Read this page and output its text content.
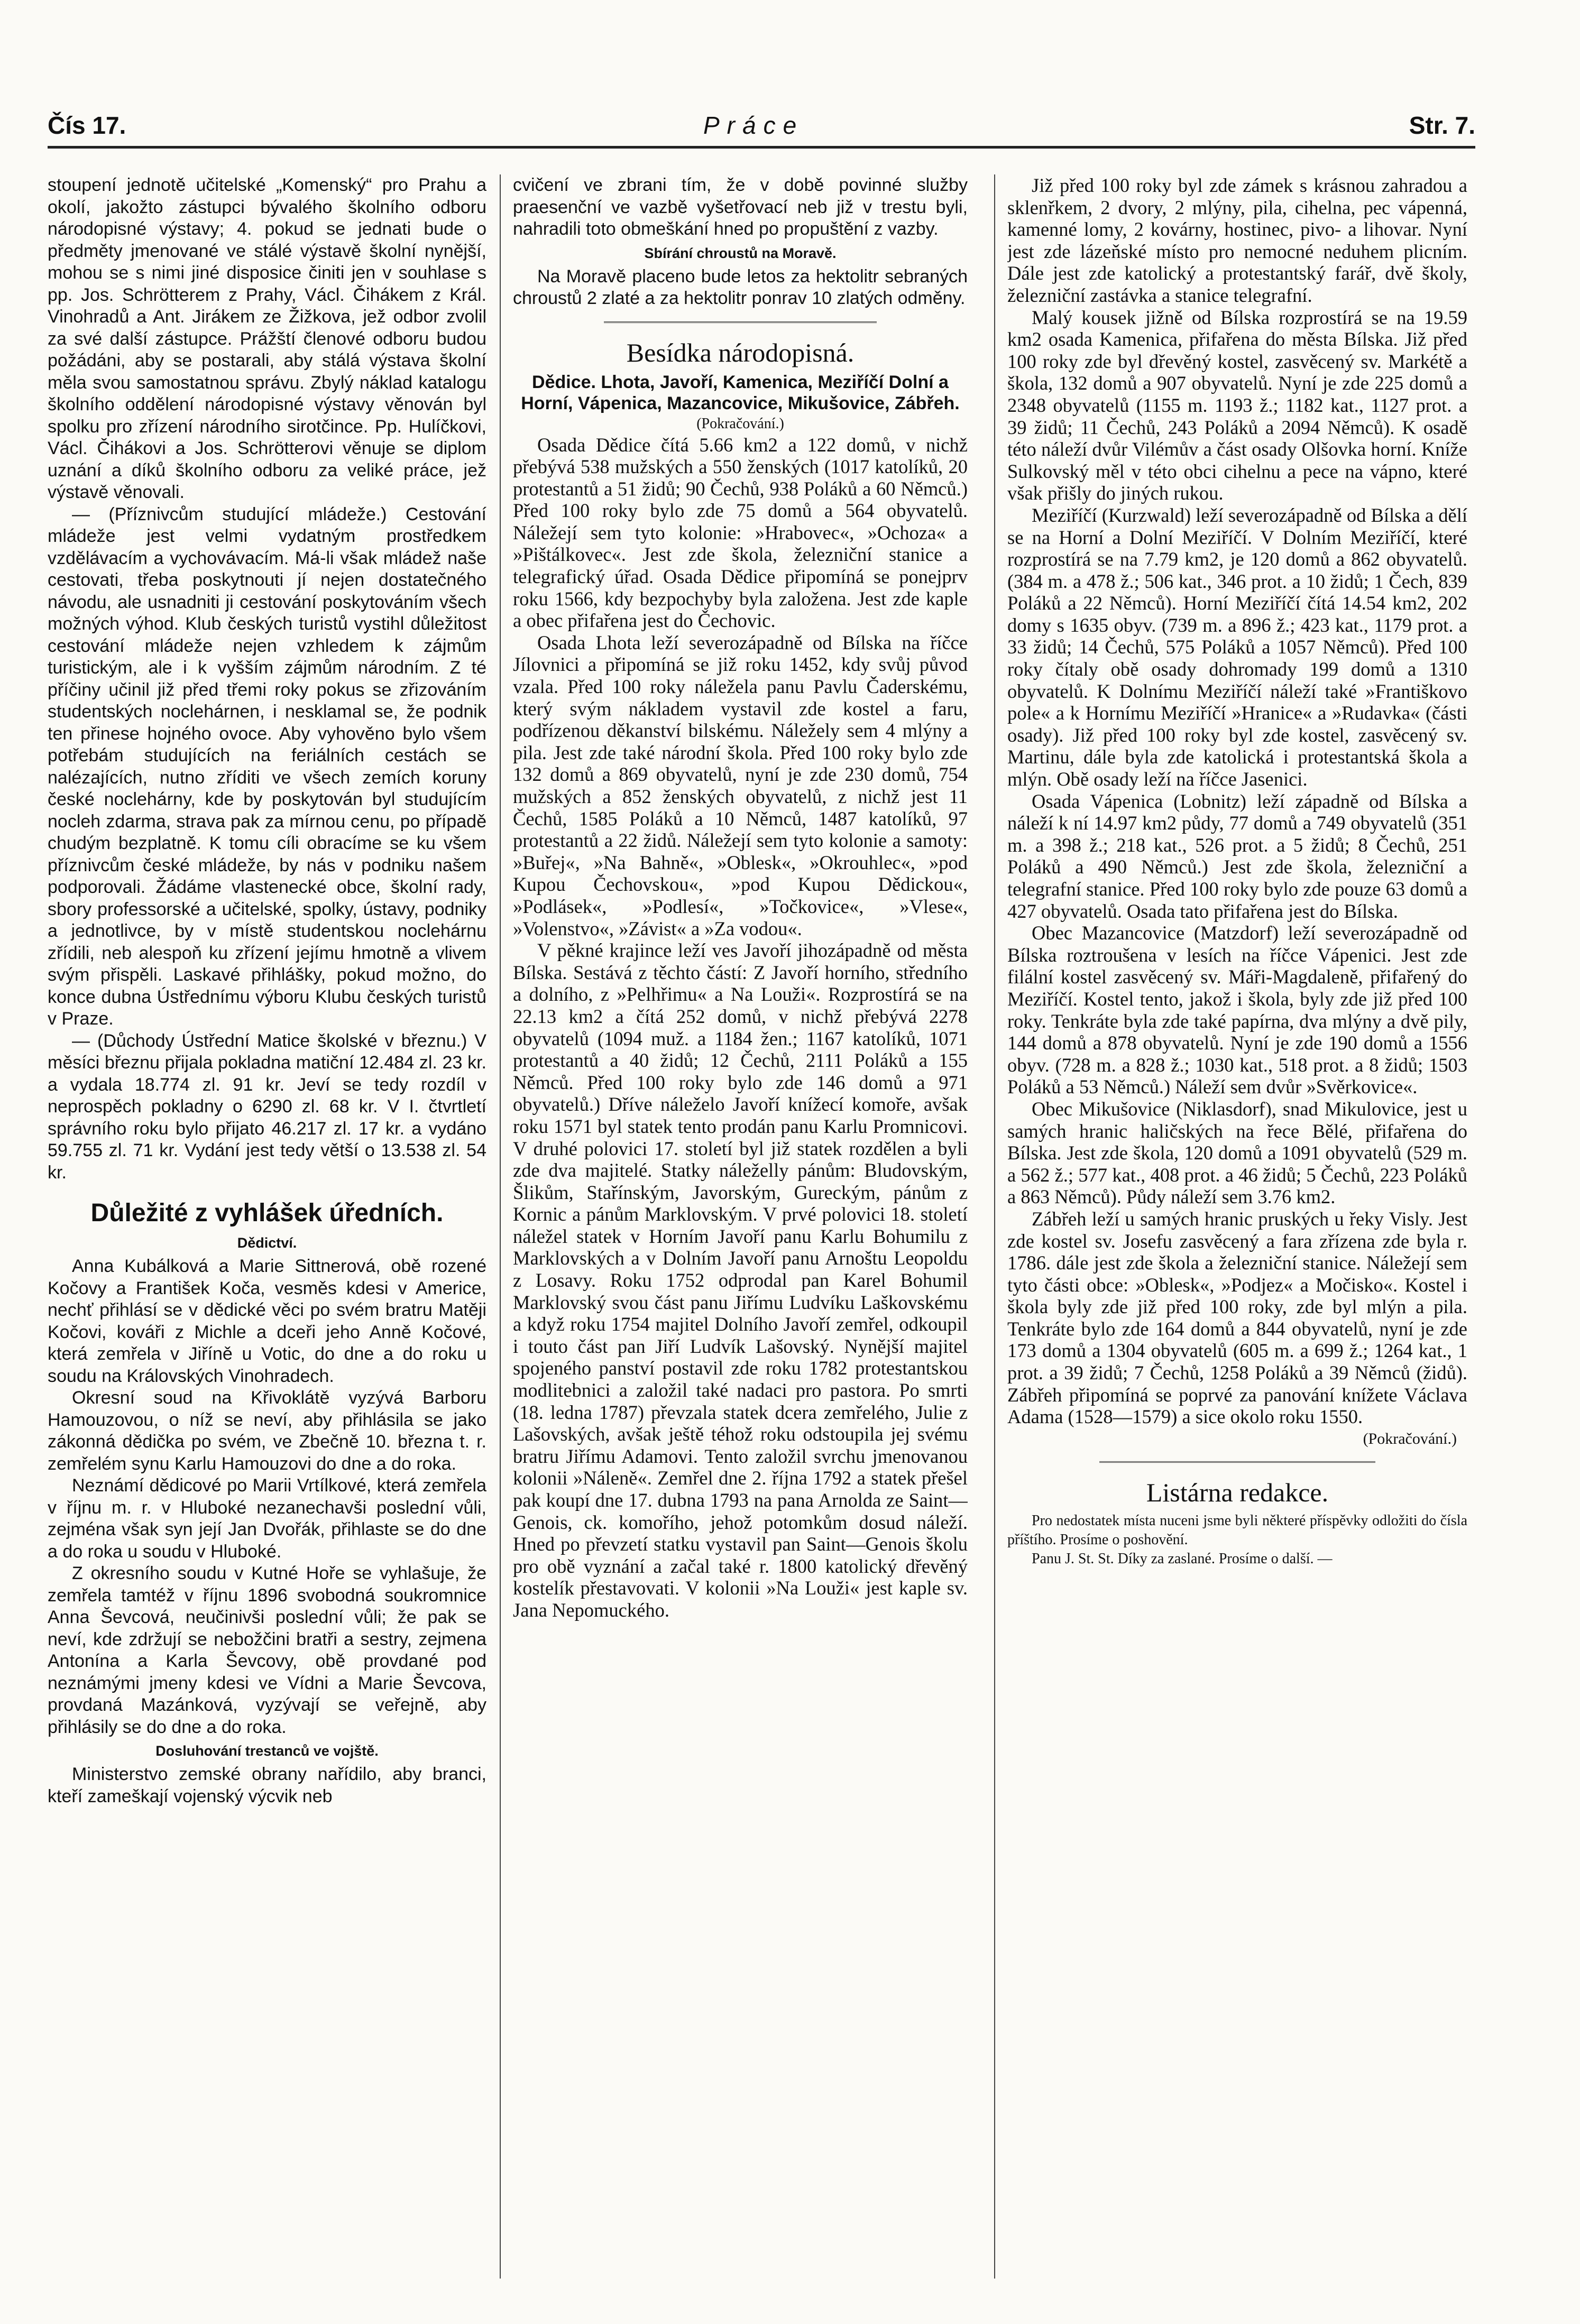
Čís 17.	Práce	Str. 7.

stoupení jednotě učitelské „Komenský“ pro Prahu a okolí, jakožto zástupci bývalého školního odboru národopisné výstavy; 4. pokud se jednati bude o předměty jmenované ve stálé výstavě školní nynější, mohou se s nimi jiné disposice činiti jen v souhlase s pp. Jos. Schrötterem z Prahy, Václ. Čihákem z Král. Vinohradů a Ant. Jirákem ze Žižkova, jež odbor zvolil za své další zástupce. Prážští členové odboru budou požádáni, aby se postarali, aby stálá výstava školní měla svou samostatnou správu. Zbylý náklad katalogu školního oddělení národopisné výstavy věnován byl spolku pro zřízení národního sirotčince. Pp. Hulíčkovi, Václ. Čihákovi a Jos. Schrötterovi věnuje se diplom uznání a díků školního odboru za veliké práce, jež výstavě věnovali.

— (Příznivcům studující mládeže.) Cestování mládeže jest velmi vydatným prostředkem vzdělávacím a vychovávacím. Má-li však mládež naše cestovati, třeba poskytnouti jí nejen dostatečného návodu, ale usnadniti ji cestování poskytováním všech možných výhod. Klub českých turistů vystihl důležitost cestování mládeže nejen vzhledem k zájmům turistickým, ale i k vyšším zájmům národním. Z té příčiny učinil již před třemi roky pokus se zřizováním studentských noclehárnen, i nesklamal se, že podnik ten přinese hojného ovoce. Aby vyhověno bylo všem potřebám studujících na feriálních cestách se nalézajících, nutno zříditi ve všech zemích koruny české noclehárny, kde by poskytován byl studujícím nocleh zdarma, strava pak za mírnou cenu, po případě chudým bezplatně. K tomu cíli obracíme se ku všem příznivcům české mládeže, by nás v podniku našem podporovali. Žádáme vlastenecké obce, školní rady, sbory professorské a učitelské, spolky, ústavy, podniky a jednotlivce, by v místě studentskou noclehárnu zřídili, neb alespoň ku zřízení jejímu hmotně a vlivem svým přispěli. Laskavé přihlášky, pokud možno, do konce dubna Ústřednímu výboru Klubu českých turistů v Praze.

— (Důchody Ústřední Matice školské v březnu.) V měsíci březnu přijala pokladna matiční 12.484 zl. 23 kr. a vydala 18.774 zl. 91 kr. Jeví se tedy rozdíl v neprospěch pokladny o 6290 zl. 68 kr. V I. čtvrtletí správního roku bylo přijato 46.217 zl. 17 kr. a vydáno 59.755 zl. 71 kr. Vydání jest tedy větší o 13.538 zl. 54 kr.

Důležité z vyhlášek úředních.
Dědictví.

Anna Kubálková a Marie Sittnerová, obě rozené Kočovy a František Koča, vesměs kdesi v Americe, nechť přihlásí se v dědické věci po svém bratru Matěji Kočovi, kováři z Michle a dceři jeho Anně Kočové, která zemřela v Jiříně u Votic, do dne a do roku u soudu na Královských Vinohradech.

Okresní soud na Křivoklátě vyzývá Barboru Hamouzovou, o níž se neví, aby přihlásila se jako zákonná dědička po svém, ve Zbečně 10. března t. r. zemřelém synu Karlu Hamouzovi do dne a do roka.

Neznámí dědicové po Marii Vrtílkové, která zemřela v říjnu m. r. v Hluboké nezanechavši poslední vůli, zejména však syn její Jan Dvořák, přihlaste se do dne a do roka u soudu v Hluboké.

Z okresního soudu v Kutné Hoře se vyhlašuje, že zemřela tamtéž v říjnu 1896 svobodná soukromnice Anna Ševcová, neučinivši poslední vůli; že pak se neví, kde zdržují se nebožčini bratři a sestry, zejmena Antonína a Karla Ševcovy, obě provdané pod neznámými jmeny kdesi ve Vídni a Marie Ševcova, provdaná Mazánková, vyzývají se veřejně, aby přihlásily se do dne a do roka.

Dosluhování trestanců ve vojště.

Ministerstvo zemské obrany nařídilo, aby branci, kteří zameškají vojenský výcvik neb

cvičení ve zbrani tím, že v době povinné služby praesenční ve vazbě vyšetřovací neb již v trestu byli, nahradili toto obmeškání hned po propuštění z vazby.

Sbírání chroustů na Moravě.

Na Moravě placeno bude letos za hektolitr sebraných chroustů 2 zlaté a za hektolitr ponrav 10 zlatých odměny.

Besídka národopisná.
Dědice. Lhota, Javoří, Kamenica, Meziříčí Dolní a Horní, Vápenica, Mazancovice, Mikušovice, Zábřeh.
(Pokračování.)

Osada Dědice čítá 5.66 km2 a 122 domů, v nichž přebývá 538 mužských a 550 ženských (1017 katolíků, 20 protestantů a 51 židů; 90 Čechů, 938 Poláků a 60 Němců.) Před 100 roky bylo zde 75 domů a 564 obyvatelů. Náležejí sem tyto kolonie: »Hrabovec«, »Ochoza« a »Pištálkovec«. Jest zde škola, železniční stanice a telegrafický úřad. Osada Dědice připomíná se ponejprv roku 1566, kdy bezpochyby byla založena. Jest zde kaple a obec přifařena jest do Čechovic.

Osada Lhota leží severozápadně od Bílska na říčce Jílovnici a připomíná se již roku 1452, kdy svůj původ vzala. Před 100 roky náležela panu Pavlu Čaderskému, který svým nákladem vystavil zde kostel a faru, podřízenou děkanství bilskému. Náležely sem 4 mlýny a pila. Jest zde také národní škola. Před 100 roky bylo zde 132 domů a 869 obyvatelů, nyní je zde 230 domů, 754 mužských a 852 ženských obyvatelů, z nichž jest 11 Čechů, 1585 Poláků a 10 Němců, 1487 katolíků, 97 protestantů a 22 židů. Náležejí sem tyto kolonie a samoty: »Buřej«, »Na Bahně«, »Oblesk«, »Okrouhlec«, »pod Kupou Čechovskou«, »pod Kupou Dědickou«, »Podlásek«, »Podlesí«, »Točkovice«, »Vlese«, »Volenstvo«, »Závist« a »Za vodou«.

V pěkné krajince leží ves Javoří jihozápadně od města Bílska. Sestává z těchto částí: Z Javoří horního, středního a dolního, z »Pelhřimu« a Na Louži«. Rozprostírá se na 22.13 km2 a čítá 252 domů, v nichž přebývá 2278 obyvatelů (1094 muž. a 1184 žen.; 1167 katolíků, 1071 protestantů a 40 židů; 12 Čechů, 2111 Poláků a 155 Němců. Před 100 roky bylo zde 146 domů a 971 obyvatelů.) Dříve náleželo Javoří knížecí komoře, avšak roku 1571 byl statek tento prodán panu Karlu Promnicovi. V druhé polovici 17. století byl již statek rozdělen a byli zde dva majitelé. Statky náleželly pánům: Bludovským, Šlikům, Stařínským, Javorským, Gureckým, pánům z Kornic a pánům Marklovským. V prvé polovici 18. století náležel statek v Horním Javoří panu Karlu Bohumilu z Marklovských a v Dolním Javoří panu Arnoštu Leopoldu z Losavy. Roku 1752 odprodal pan Karel Bohumil Marklovský svou část panu Jiřímu Ludvíku Laškovskému a když roku 1754 majitel Dolního Javoří zemřel, odkoupil i touto část pan Jiří Ludvík Lašovský. Nynější majitel spojeného panství postavil zde roku 1782 protestantskou modlitebnici a založil také nadaci pro pastora. Po smrti (18. ledna 1787) převzala statek dcera zemřelého, Julie z Lašovských, avšak ještě téhož roku odstoupila jej svému bratru Jiřímu Adamovi. Tento založil svrchu jmenovanou kolonii »Náleně«. Zemřel dne 2. října 1792 a statek přešel pak koupí dne 17. dubna 1793 na pana Arnolda ze Saint—Genois, ck. komořího, jehož potomkům dosud náleží. Hned po převzetí statku vystavil pan Saint—Genois školu pro obě vyznání a začal také r. 1800 katolický dřevěný kostelík přestavovati. V kolonii »Na Louži« jest kaple sv. Jana Nepomuckého.

Již před 100 roky byl zde zámek s krásnou zahradou a sklenřkem, 2 dvory, 2 mlýny, pila, cihelna, pec vápenná, kamenné lomy, 2 kovárny, hostinec, pivo- a lihovar. Nyní jest zde lázeňské místo pro nemocné neduhem plicním. Dále jest zde katolický a protestantský farář, dvě školy, železniční zastávka a stanice telegrafní.

Malý kousek jižně od Bílska rozprostírá se na 19.59 km2 osada Kamenica, přifařena do města Bílska. Již před 100 roky zde byl dřevěný kostel, zasvěcený sv. Markétě a škola, 132 domů a 907 obyvatelů. Nyní je zde 225 domů a 2348 obyvatelů (1155 m. 1193 ž.; 1182 kat., 1127 prot. a 39 židů; 11 Čechů, 243 Poláků a 2094 Němců). K osadě této náleží dvůr Vilémův a část osady Olšovka horní. Kníže Sulkovský měl v této obci cihelnu a pece na vápno, které však přišly do jiných rukou.

Meziříčí (Kurzwald) leží severozápadně od Bílska a dělí se na Horní a Dolní Meziříčí. V Dolním Meziříčí, které rozprostírá se na 7.79 km2, je 120 domů a 862 obyvatelů. (384 m. a 478 ž.; 506 kat., 346 prot. a 10 židů; 1 Čech, 839 Poláků a 22 Němců). Horní Meziříčí čítá 14.54 km2, 202 domy s 1635 obyv. (739 m. a 896 ž.; 423 kat., 1179 prot. a 33 židů; 14 Čechů, 575 Poláků a 1057 Němců). Před 100 roky čítaly obě osady dohromady 199 domů a 1310 obyvatelů. K Dolnímu Meziříčí náleží také »Františkovo pole« a k Hornímu Meziříčí »Hranice« a »Rudavka« (části osady). Již před 100 roky byl zde kostel, zasvěcený sv. Martinu, dále byla zde katolická i protestantská škola a mlýn. Obě osady leží na říčce Jasenici.

Osada Vápenica (Lobnitz) leží západně od Bílska a náleží k ní 14.97 km2 půdy, 77 domů a 749 obyvatelů (351 m. a 398 ž.; 218 kat., 526 prot. a 5 židů; 8 Čechů, 251 Poláků a 490 Němců.) Jest zde škola, železniční a telegrafní stanice. Před 100 roky bylo zde pouze 63 domů a 427 obyvatelů. Osada tato přifařena jest do Bílska.

Obec Mazancovice (Matzdorf) leží severozápadně od Bílska roztroušena v lesích na říčce Vápenici. Jest zde filální kostel zasvěcený sv. Máři-Magdaleně, přifařený do Meziříčí. Kostel tento, jakož i škola, byly zde již před 100 roky. Tenkráte byla zde také papírna, dva mlýny a dvě pily, 144 domů a 878 obyvatelů. Nyní je zde 190 domů a 1556 obyv. (728 m. a 828 ž.; 1030 kat., 518 prot. a 8 židů; 1503 Poláků a 53 Němců.) Náleží sem dvůr »Svěrkovice«.

Obec Mikušovice (Niklasdorf), snad Mikulovice, jest u samých hranic haličských na řece Bělé, přifařena do Bílska. Jest zde škola, 120 domů a 1091 obyvatelů (529 m. a 562 ž.; 577 kat., 408 prot. a 46 židů; 5 Čechů, 223 Poláků a 863 Němců). Půdy náleží sem 3.76 km2.

Zábřeh leží u samých hranic pruských u řeky Visly. Jest zde kostel sv. Josefu zasvěcený a fara zřízena zde byla r. 1786. dále jest zde škola a železniční stanice. Náležejí sem tyto části obce: »Oblesk«, »Podjez« a Močisko«. Kostel i škola byly zde již před 100 roky, zde byl mlýn a pila. Tenkráte bylo zde 164 domů a 844 obyvatelů, nyní je zde 173 domů a 1304 obyvatelů (605 m. a 699 ž.; 1264 kat., 1 prot. a 39 židů; 7 Čechů, 1258 Poláků a 39 Němců (židů). Zábřeh připomíná se poprvé za panování knížete Václava Adama (1528—1579) a sice okolo roku 1550.

(Pokračování.)
Listárna redakce.

Pro nedostatek místa nuceni jsme byli některé příspěvky odložiti do čísla příštího. Prosíme o poshovění.

Panu J. St. St. Díky za zaslané. Prosíme o další. —
